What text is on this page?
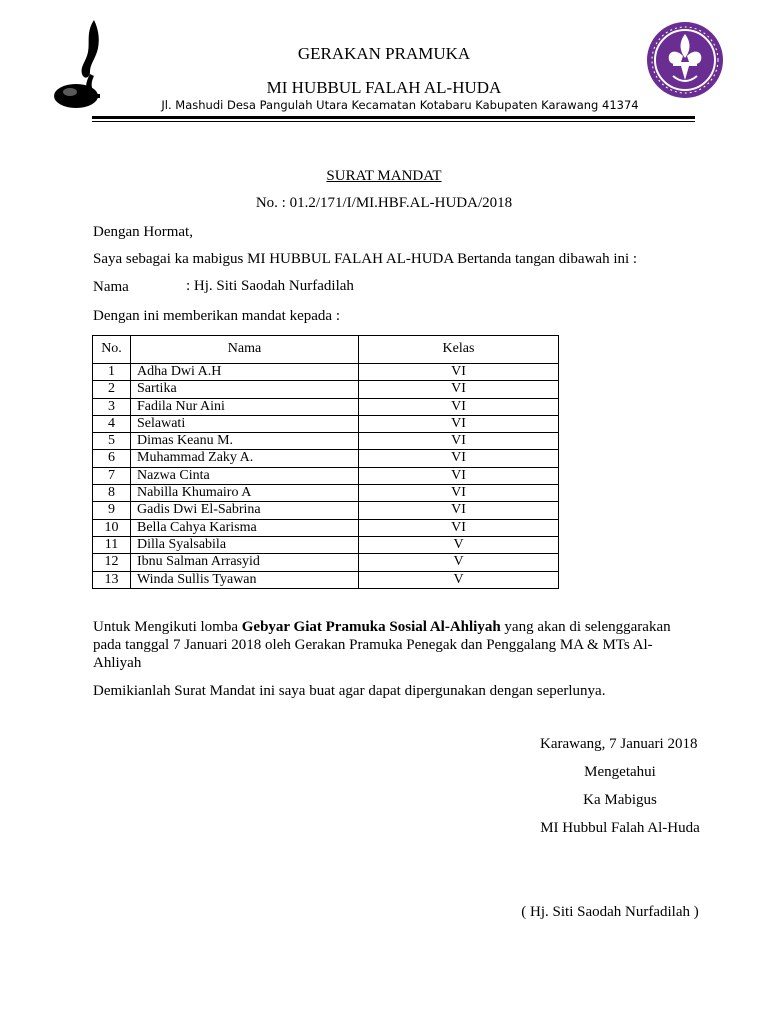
GERAKAN PRAMUKA
MI HUBBUL FALAH AL-HUDA
Jl. Mashudi Desa Pangulah Utara Kecamatan Kotabaru Kabupaten Karawang 41374
SURAT MANDAT
No. : 01.2/171/I/MI.HBF.AL-HUDA/2018
Dengan Hormat,
Saya sebagai ka mabigus MI HUBBUL FALAH AL-HUDA Bertanda tangan dibawah ini :
Nama	: Hj. Siti Saodah Nurfadilah
Dengan ini memberikan mandat kepada :
No.	Nama	Kelas
1	Adha Dwi A.H	VI
2	Sartika	VI
3	Fadila Nur Aini	VI
4	Selawati	VI
5	Dimas Keanu M.	VI
6	Muhammad Zaky A.	VI
7	Nazwa Cinta	VI
8	Nabilla Khumairo A	VI
9	Gadis Dwi El-Sabrina	VI
10	Bella Cahya Karisma	VI
11	Dilla Syalsabila	V
12	Ibnu Salman Arrasyid	V
13	Winda Sullis Tyawan	V
Untuk Mengikuti lomba Gebyar Giat Pramuka Sosial Al-Ahliyah yang akan di selenggarakan pada tanggal 7 Januari 2018 oleh Gerakan Pramuka Penegak dan Penggalang MA & MTs Al-Ahliyah
Demikianlah Surat Mandat ini saya buat agar dapat dipergunakan dengan seperlunya.
Karawang, 7 Januari 2018
Mengetahui
Ka Mabigus
MI Hubbul Falah Al-Huda
( Hj. Siti Saodah Nurfadilah )
